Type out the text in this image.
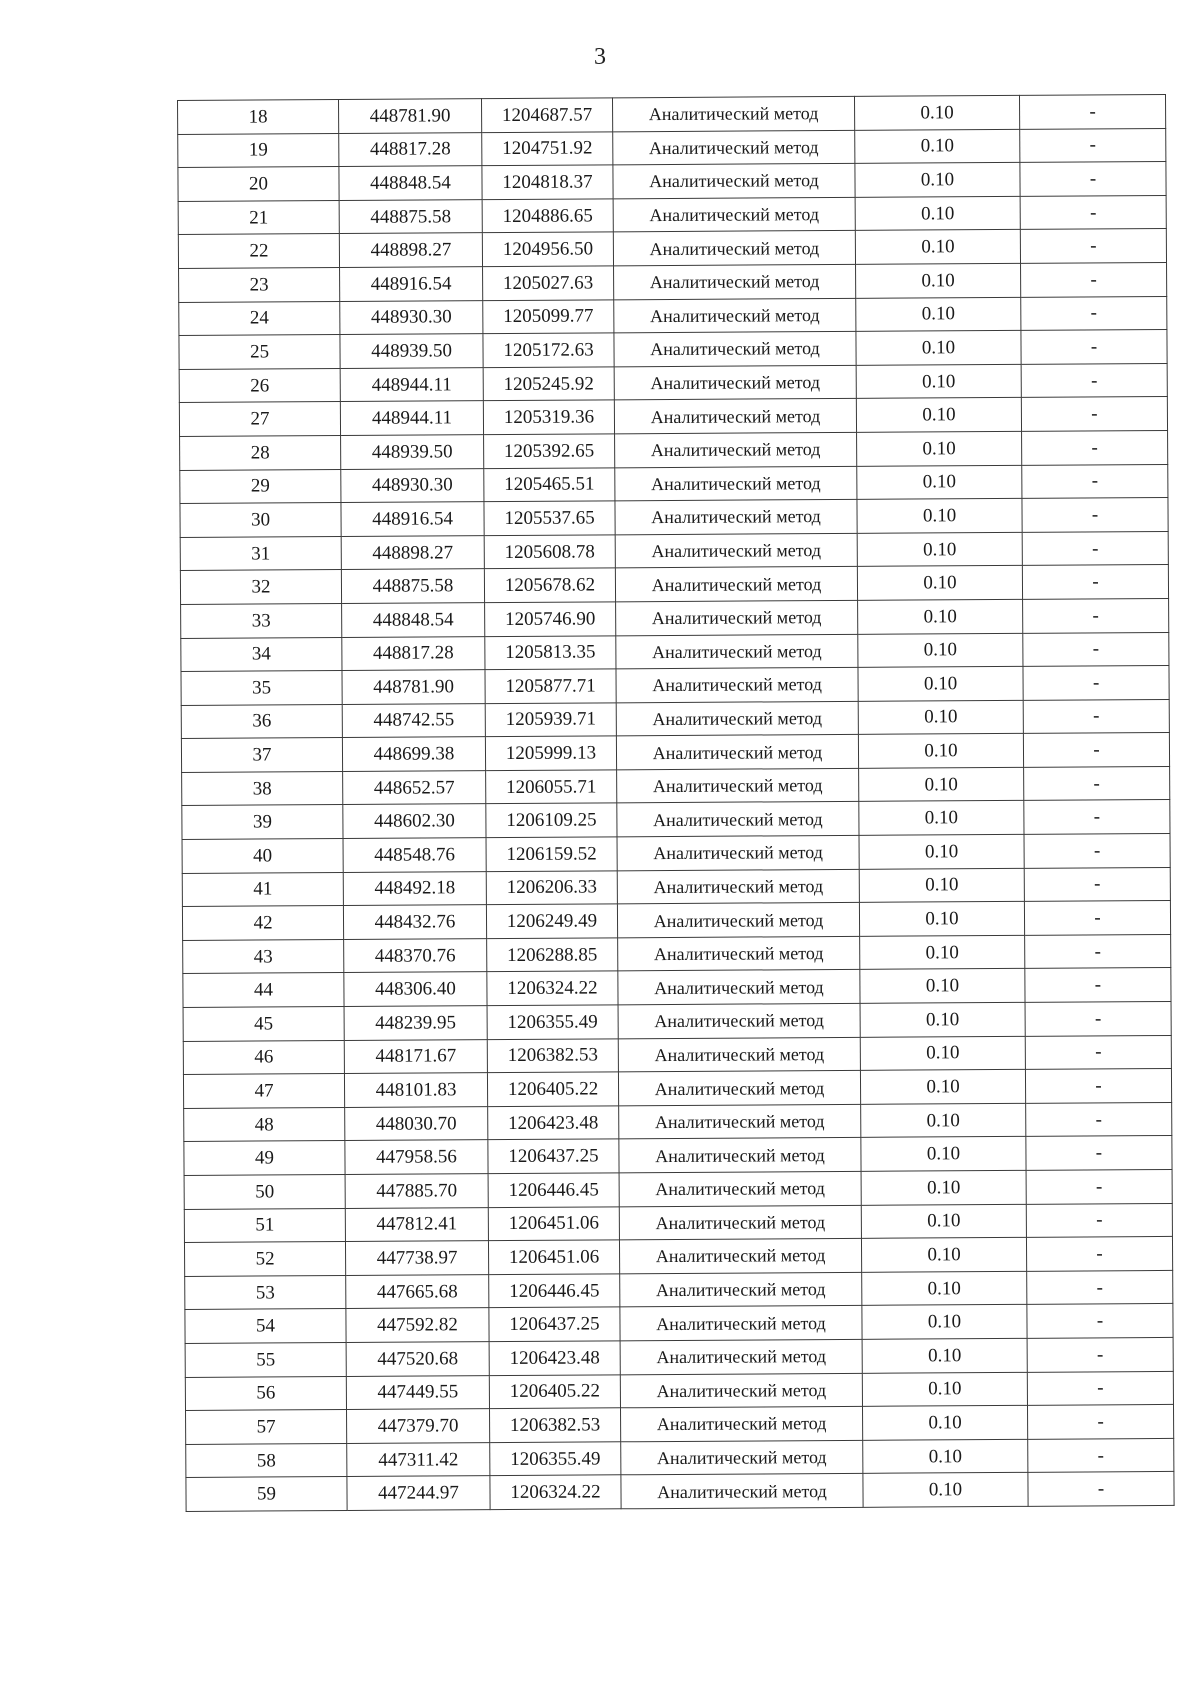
3
18	448781.90	1204687.57	Аналитический метод	0.10	-
19	448817.28	1204751.92	Аналитический метод	0.10	-
20	448848.54	1204818.37	Аналитический метод	0.10	-
21	448875.58	1204886.65	Аналитический метод	0.10	-
22	448898.27	1204956.50	Аналитический метод	0.10	-
23	448916.54	1205027.63	Аналитический метод	0.10	-
24	448930.30	1205099.77	Аналитический метод	0.10	-
25	448939.50	1205172.63	Аналитический метод	0.10	-
26	448944.11	1205245.92	Аналитический метод	0.10	-
27	448944.11	1205319.36	Аналитический метод	0.10	-
28	448939.50	1205392.65	Аналитический метод	0.10	-
29	448930.30	1205465.51	Аналитический метод	0.10	-
30	448916.54	1205537.65	Аналитический метод	0.10	-
31	448898.27	1205608.78	Аналитический метод	0.10	-
32	448875.58	1205678.62	Аналитический метод	0.10	-
33	448848.54	1205746.90	Аналитический метод	0.10	-
34	448817.28	1205813.35	Аналитический метод	0.10	-
35	448781.90	1205877.71	Аналитический метод	0.10	-
36	448742.55	1205939.71	Аналитический метод	0.10	-
37	448699.38	1205999.13	Аналитический метод	0.10	-
38	448652.57	1206055.71	Аналитический метод	0.10	-
39	448602.30	1206109.25	Аналитический метод	0.10	-
40	448548.76	1206159.52	Аналитический метод	0.10	-
41	448492.18	1206206.33	Аналитический метод	0.10	-
42	448432.76	1206249.49	Аналитический метод	0.10	-
43	448370.76	1206288.85	Аналитический метод	0.10	-
44	448306.40	1206324.22	Аналитический метод	0.10	-
45	448239.95	1206355.49	Аналитический метод	0.10	-
46	448171.67	1206382.53	Аналитический метод	0.10	-
47	448101.83	1206405.22	Аналитический метод	0.10	-
48	448030.70	1206423.48	Аналитический метод	0.10	-
49	447958.56	1206437.25	Аналитический метод	0.10	-
50	447885.70	1206446.45	Аналитический метод	0.10	-
51	447812.41	1206451.06	Аналитический метод	0.10	-
52	447738.97	1206451.06	Аналитический метод	0.10	-
53	447665.68	1206446.45	Аналитический метод	0.10	-
54	447592.82	1206437.25	Аналитический метод	0.10	-
55	447520.68	1206423.48	Аналитический метод	0.10	-
56	447449.55	1206405.22	Аналитический метод	0.10	-
57	447379.70	1206382.53	Аналитический метод	0.10	-
58	447311.42	1206355.49	Аналитический метод	0.10	-
59	447244.97	1206324.22	Аналитический метод	0.10	-
